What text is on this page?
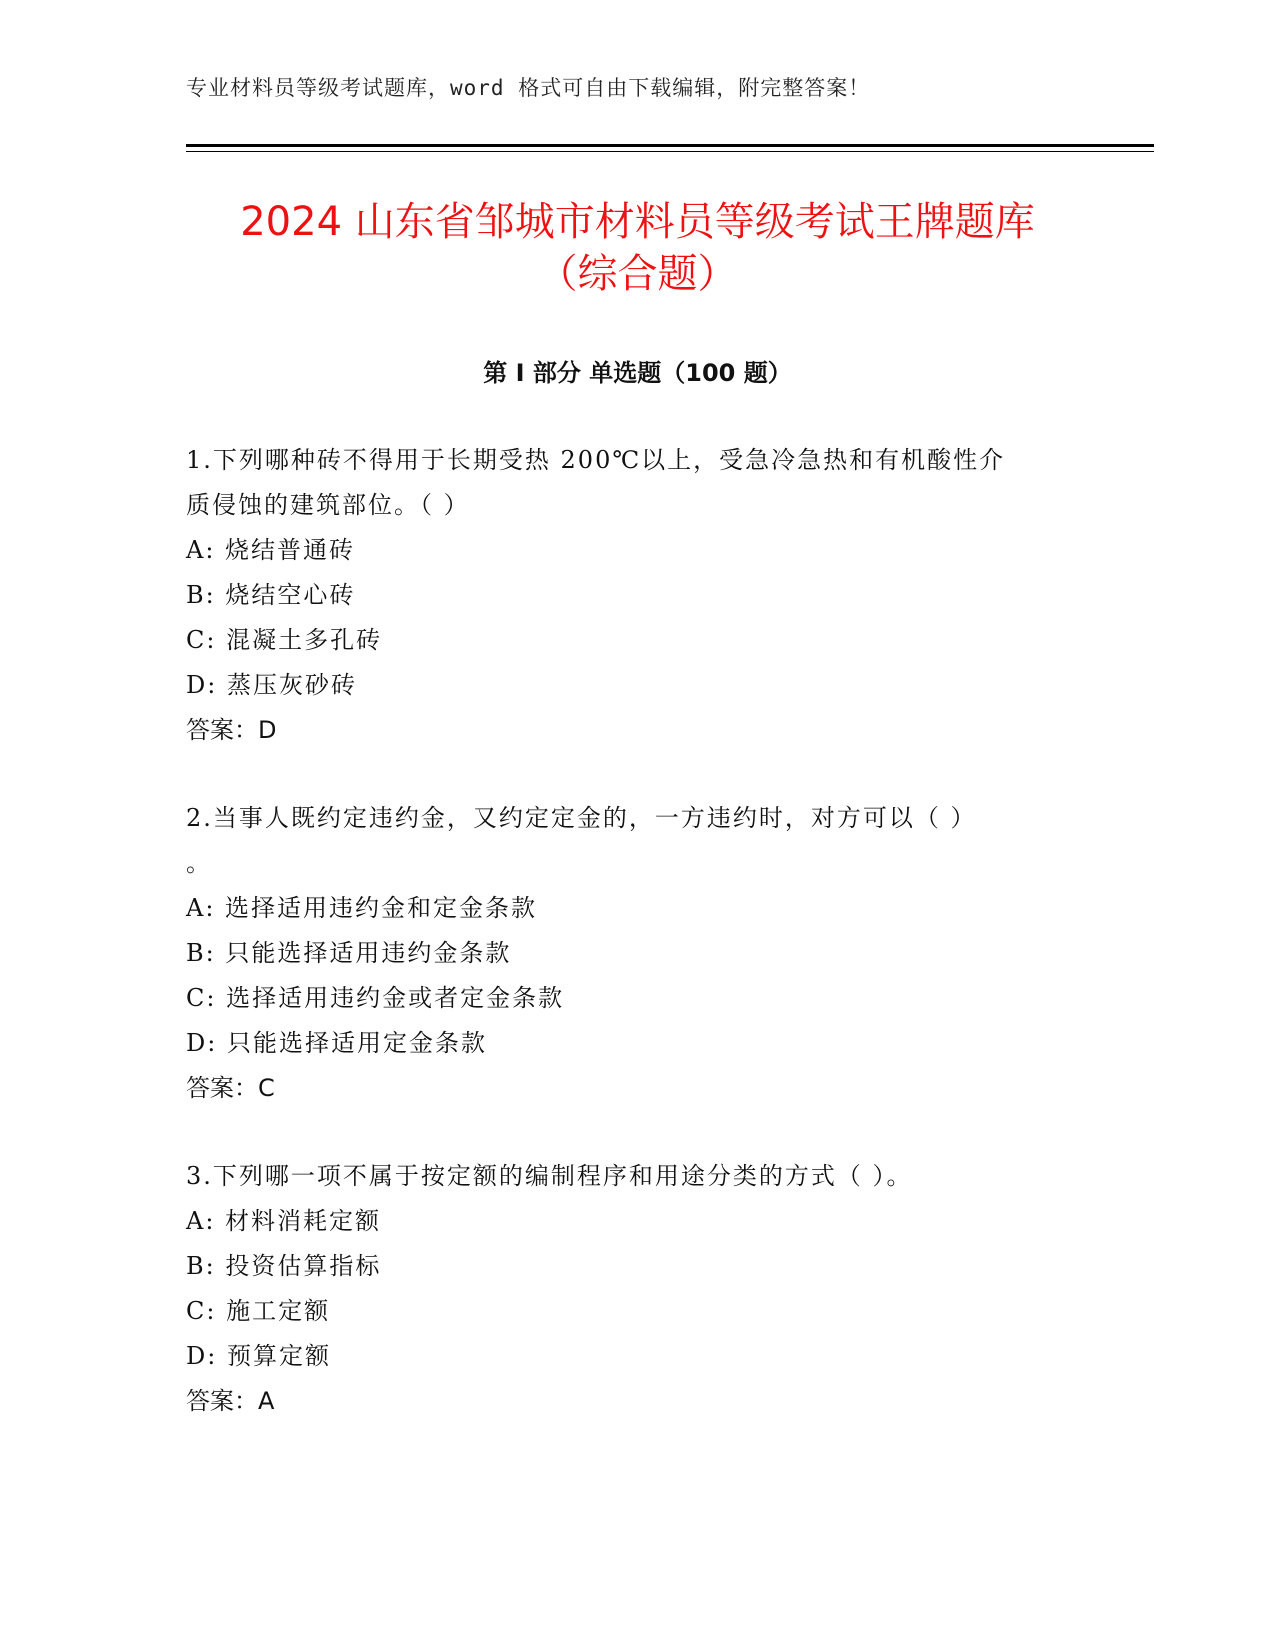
专业材料员等级考试题库，word 格式可自由下载编辑，附完整答案！
2024 山东省邹城市材料员等级考试王牌题库
（综合题）
第 I 部分 单选题（100 题）
1.下列哪种砖不得用于长期受热 200℃以上，受急冷急热和有机酸性介
质侵蚀的建筑部位。（ ）
A: 烧结普通砖
B: 烧结空心砖
C: 混凝土多孔砖
D: 蒸压灰砂砖
答案：D
2.当事人既约定违约金，又约定定金的，一方违约时，对方可以（ ）
。
A: 选择适用违约金和定金条款
B: 只能选择适用违约金条款
C: 选择适用违约金或者定金条款
D: 只能选择适用定金条款
答案：C
3.下列哪一项不属于按定额的编制程序和用途分类的方式（ ）。
A: 材料消耗定额
B: 投资估算指标
C: 施工定额
D: 预算定额
答案：A
